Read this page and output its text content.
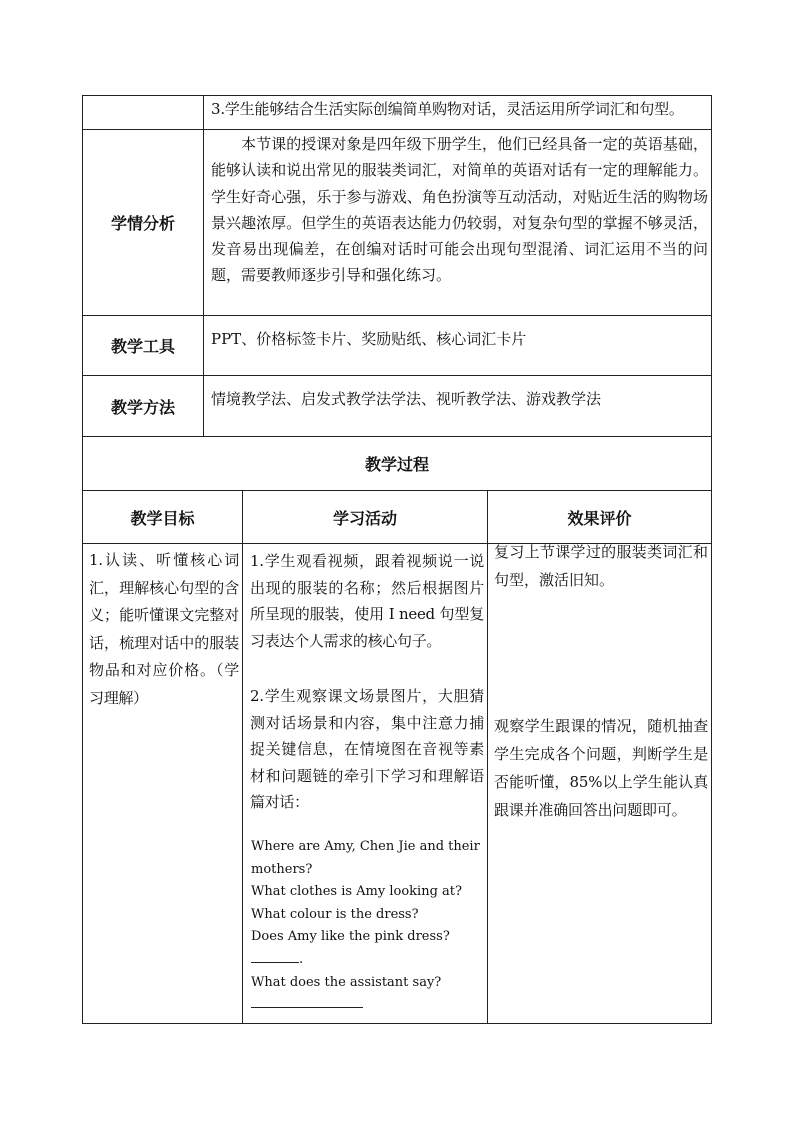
3.学生能够结合生活实际创编简单购物对话，灵活运用所学词汇和句型。
学情分析
本节课的授课对象是四年级下册学生，他们已经具备一定的英语基础，能够认读和说出常见的服装类词汇，对简单的英语对话有一定的理解能力。学生好奇心强，乐于参与游戏、角色扮演等互动活动，对贴近生活的购物场景兴趣浓厚。但学生的英语表达能力仍较弱，对复杂句型的掌握不够灵活，发音易出现偏差，在创编对话时可能会出现句型混淆、词汇运用不当的问题，需要教师逐步引导和强化练习。
教学工具 PPT、价格标签卡片、奖励贴纸、核心词汇卡片
教学方法 情境教学法、启发式教学法学法、视听教学法、游戏教学法
教学过程
教学目标	学习活动	效果评价
1.认读、听懂核心词汇，理解核心句型的含义；能听懂课文完整对话，梳理对话中的服装物品和对应价格。（学习理解）
1.学生观看视频，跟着视频说一说出现的服装的名称；然后根据图片所呈现的服装，使用 I need 句型复习表达个人需求的核心句子。
2.学生观察课文场景图片，大胆猜测对话场景和内容，集中注意力捕捉关键信息，在情境图在音视等素材和问题链的牵引下学习和理解语篇对话：

Where are Amy, Chen Jie and their

mothers?

What clothes is Amy looking at?

What colour is the dress?

Does Amy like the pink dress?

.

What does the assistant say?

复习上节课学过的服装类词汇和句型，激活旧知。
观察学生跟课的情况，随机抽查学生完成各个问题，判断学生是否能听懂，85%以上学生能认真跟课并准确回答出问题即可。
